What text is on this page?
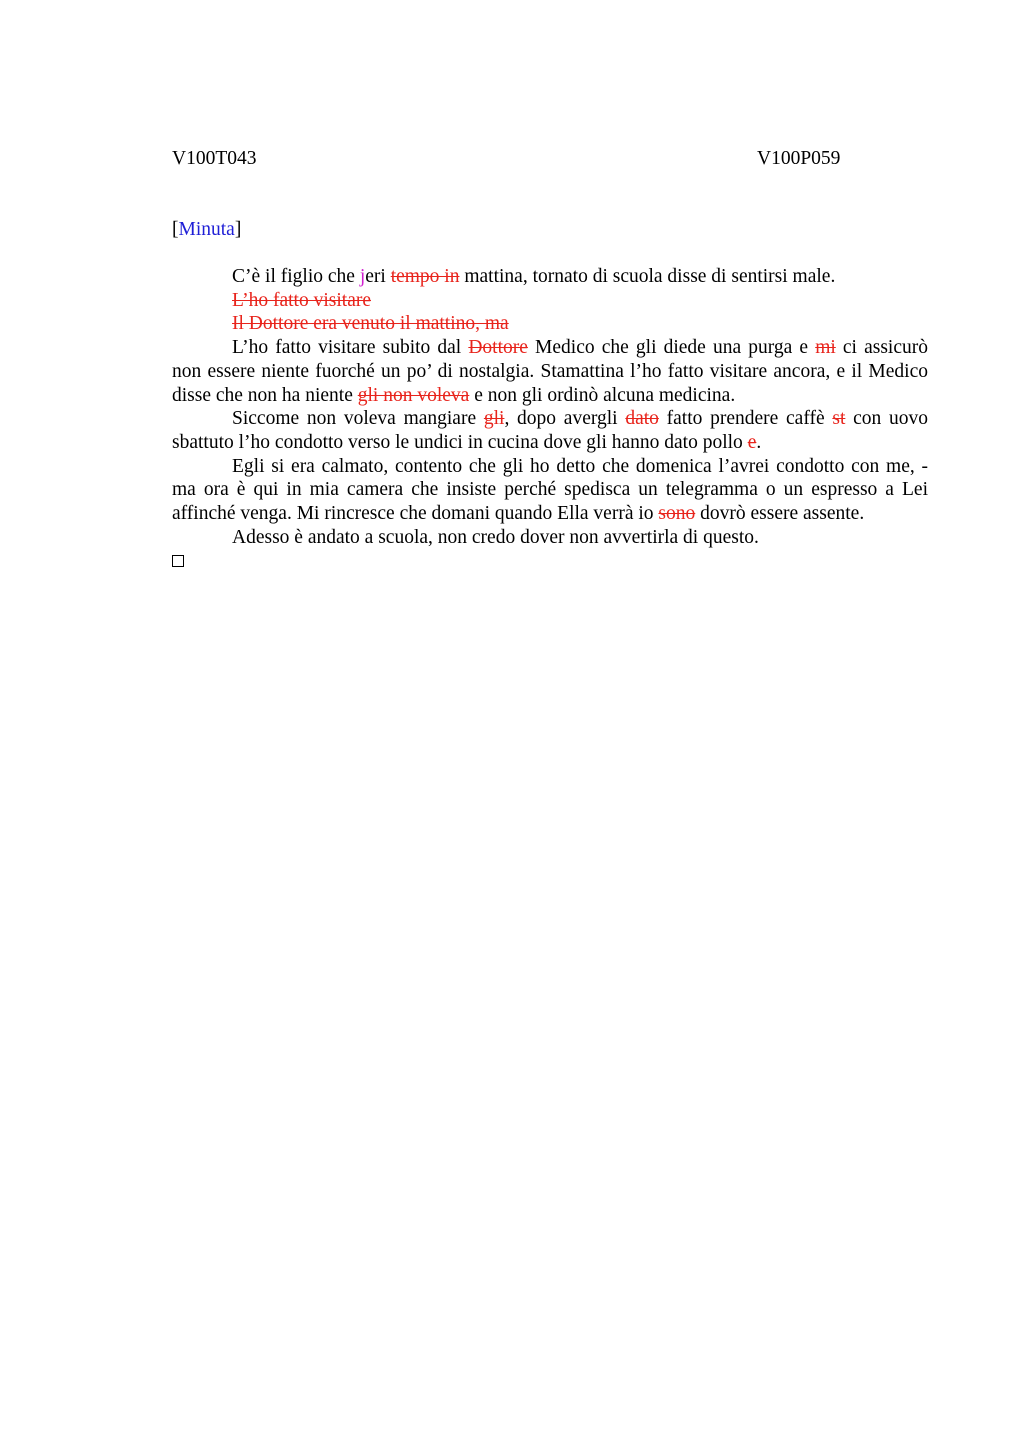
V100T043	V100P059
[Minuta]

C’è il figlio che jeri tempo in mattina, tornato di scuola disse di sentirsi male.

L’ho fatto visitare

Il Dottore era venuto il mattino, ma

L’ho fatto visitare subito dal Dottore Medico che gli diede una purga e mi ci assicurò non essere niente fuorché un po’ di nostalgia. Stamattina l’ho fatto visitare ancora, e il Medico disse che non ha niente gli non voleva e non gli ordinò alcuna medicina.

Siccome non voleva mangiare gli, dopo avergli dato fatto prendere caffè st con uovo sbattuto l’ho condotto verso le undici in cucina dove gli hanno dato pollo e.

Egli si era calmato, contento che gli ho detto che domenica l’avrei condotto con me, - ma ora è qui in mia camera che insiste perché spedisca un telegramma o un espresso a Lei affinché venga. Mi rincresce che domani quando Ella verrà io sono dovrò essere assente.

Adesso è andato a scuola, non credo dover non avvertirla di questo.
